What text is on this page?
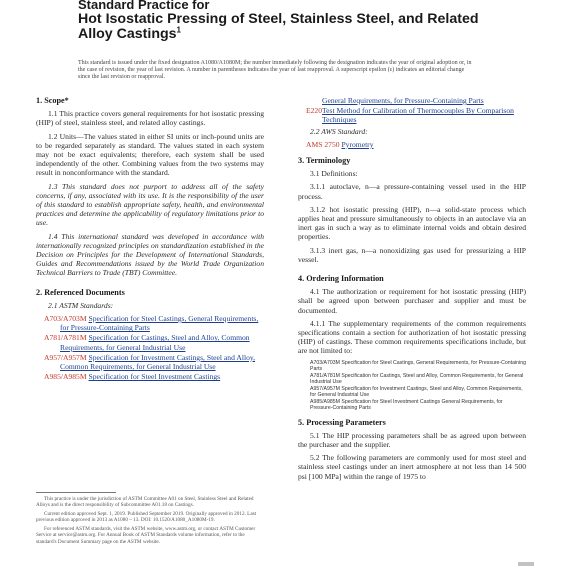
Standard Practice for
Hot Isostatic Pressing of Steel, Stainless Steel, and Related
Alloy Castings$^1$
This standard is issued under the fixed designation A1080/A1080M; the number immediately following the designation indicates the year of original adoption or, in the case of revision, the year of last revision. A number in parentheses indicates the year of last reapproval. A superscript epsilon (ε) indicates an editorial change since the last revision or reapproval.
1. Scope*

1.1 This practice covers general requirements for hot isostatic pressing (HIP) of steel, stainless steel, and related alloy castings.

1.2 Units—The values stated in either SI units or inch-pound units are to be regarded separately as standard. The values stated in each system may not be exact equivalents; therefore, each system shall be used independently of the other. Combining values from the two systems may result in nonconformance with the standard.

1.3 This standard does not purport to address all of the safety concerns, if any, associated with its use. It is the responsibility of the user of this standard to establish appropriate safety, health, and environmental practices and determine the applicability of regulatory limitations prior to use.

1.4 This international standard was developed in accordance with internationally recognized principles on standardization established in the Decision on Principles for the Development of International Standards, Guides and Recommendations issued by the World Trade Organization Technical Barriers to Trade (TBT) Committee.

2. Referenced Documents

2.1 ASTM Standards:

A703/A703M Specification for Steel Castings, General Requirements, for Pressure-Containing Parts
A781/A781M Specification for Castings, Steel and Alloy, Common Requirements, for General Industrial Use
A957/A957M Specification for Investment Castings, Steel and Alloy, Common Requirements, for General Industrial Use
A985/A985M Specification for Steel Investment Castings

This practice is under the jurisdiction of ASTM Committee A01 on Steel, Stainless Steel and Related Alloys and is the direct responsibility of Subcommittee A01.18 on Castings.

Current edition approved Sept. 1, 2019. Published September 2019. Originally approved in 2012. Last previous edition approved in 2013 as A1080 – 13. DOI: 10.1520/A1080_A1080M-19.

For referenced ASTM standards, visit the ASTM website, www.astm.org, or contact ASTM Customer Service at service@astm.org. For Annual Book of ASTM Standards volume information, refer to the standard's Document Summary page on the ASTM website.

General Requirements, for Pressure-Containing Parts
E220Test Method for Calibration of Thermocouples By Comparison Techniques

2.2 AWS Standard:

AMS 2750 Pyrometry
3. Terminology

3.1 Definitions:

3.1.1 autoclave, n—a pressure-containing vessel used in the HIP process.

3.1.2 hot isostatic pressing (HIP), n—a solid-state process which applies heat and pressure simultaneously to objects in an autoclave via an inert gas in such a way as to eliminate internal voids and obtain desired properties.

3.1.3 inert gas, n—a nonoxidizing gas used for pressurizing a HIP vessel.

4. Ordering Information

4.1 The authorization or requirement for hot isostatic pressing (HIP) shall be agreed upon between purchaser and supplier and must be documented.

4.1.1 The supplementary requirements of the common requirements specifications contain a section for authorization of hot isostatic pressing (HIP) of castings. These common requirements specifications include, but are not limited to:

A703/A703M Specification for Steel Castings, General Requirements, for Pressure-Containing Parts
A781/A781M Specification for Castings, Steel and Alloy, Common Requirements, for General Industrial Use
A957/A957M Specification for Investment Castings, Steel and Alloy, Common Requirements, for General Industrial Use
A985/A985M Specification for Steel Investment Castings General Requirements, for Pressure-Containing Parts
5. Processing Parameters

5.1 The HIP processing parameters shall be as agreed upon between the purchaser and the supplier.

5.2 The following parameters are commonly used for most steel and stainless steel castings under an inert atmosphere at not less than 14 500 psi [100 MPa] within the range of 1975 to
